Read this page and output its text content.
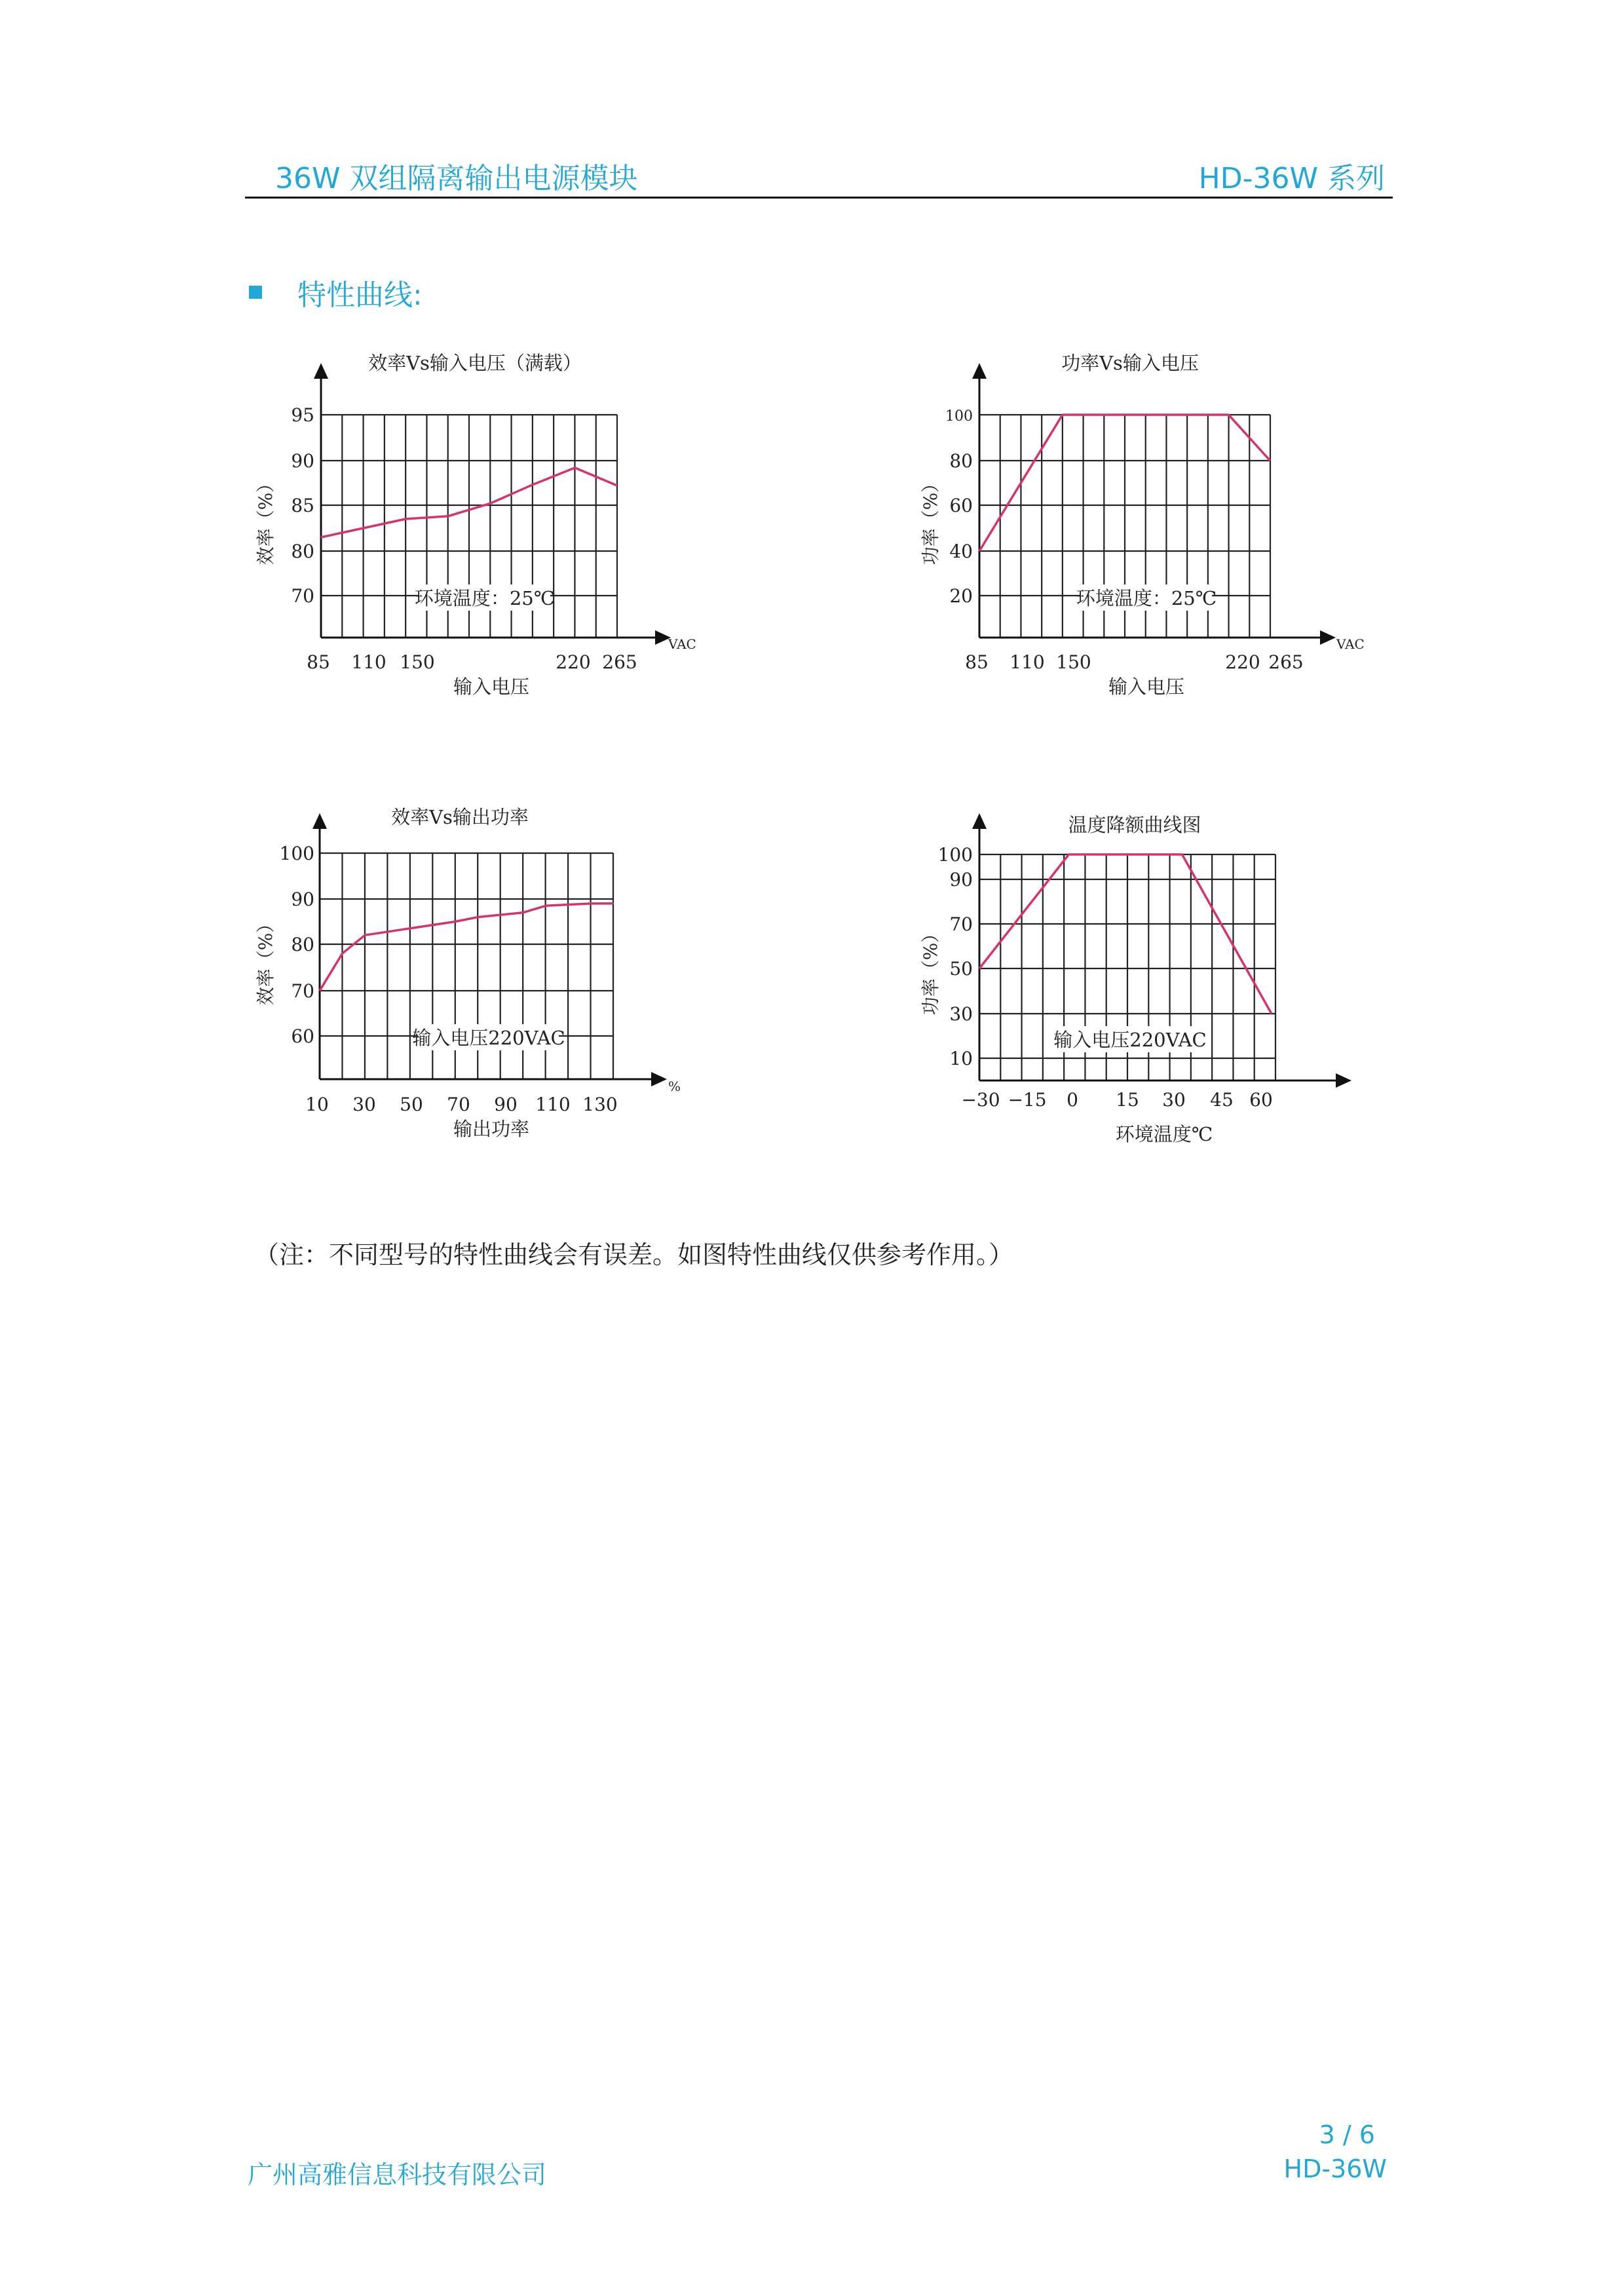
36W 双组隔离输出电源模块	HD-36W 系列
特性曲线:
效率Vs输入电压（满载）
95
90
85
80
70
85 110 150	220 265
VAC
输入电压
效率（%）
环境温度：25℃
功率Vs输入电压
100
80
60
40
20
85 110 150	220 265
VAC
输入电压
功率（%）
环境温度：25℃
效率Vs输出功率
100
90
80
70
60
10 30 50 70 90 110 130
%
输出功率
效率（%）
输入电压220VAC
温度降额曲线图
100
90
70
50
30
10
−30 −15 0 15 30 45 60
环境温度℃
功率（%）
输入电压220VAC
（注：不同型号的特性曲线会有误差。如图特性曲线仅供参考作用。）
广州高雅信息科技有限公司
3 / 6
HD-36W
